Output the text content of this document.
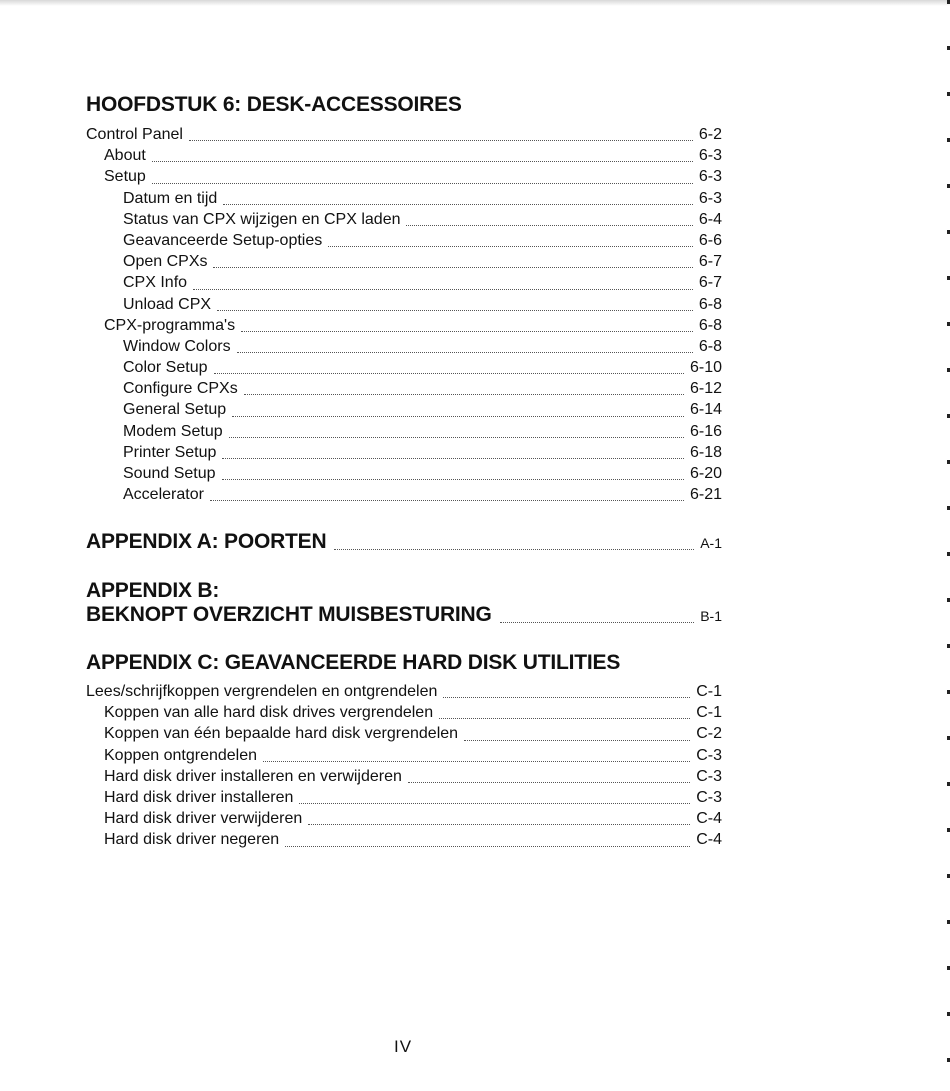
HOOFDSTUK 6: DESK-ACCESSOIRES
Control Panel	6-2
About	6-3
Setup	6-3
Datum en tijd	6-3
Status van CPX wijzigen en CPX laden	6-4
Geavanceerde Setup-opties	6-6
Open CPXs	6-7
CPX Info	6-7
Unload CPX	6-8
CPX-programma's	6-8
Window Colors	6-8
Color Setup	6-10
Configure CPXs	6-12
General Setup	6-14
Modem Setup	6-16
Printer Setup	6-18
Sound Setup	6-20
Accelerator	6-21
APPENDIX A: POORTEN	A-1
APPENDIX B:
BEKNOPT OVERZICHT MUISBESTURING	B-1
APPENDIX C: GEAVANCEERDE HARD DISK UTILITIES
Lees/schrijfkoppen vergrendelen en ontgrendelen	C-1
Koppen van alle hard disk drives vergrendelen	C-1
Koppen van één bepaalde hard disk vergrendelen	C-2
Koppen ontgrendelen	C-3
Hard disk driver installeren en verwijderen	C-3
Hard disk driver installeren	C-3
Hard disk driver verwijderen	C-4
Hard disk driver negeren	C-4
IV
